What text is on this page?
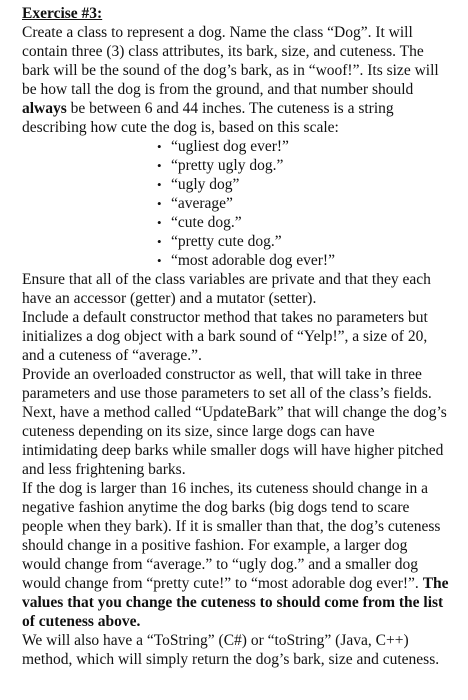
Exercise #3:

Create a class to represent a dog. Name the class “Dog”. It will contain three (3) class attributes, its bark, size, and cuteness. The bark will be the sound of the dog’s bark, as in “woof!”. Its size will be how tall the dog is from the ground, and that number should always be between 6 and 44 inches. The cuteness is a string describing how cute the dog is, based on this scale:

• “ugliest dog ever!”
• “pretty ugly dog.”
• “ugly dog”
• “average”
• “cute dog.”
• “pretty cute dog.”
• “most adorable dog ever!”

Ensure that all of the class variables are private and that they each have an accessor (getter) and a mutator (setter).

Include a default constructor method that takes no parameters but initializes a dog object with a bark sound of “Yelp!”, a size of 20, and a cuteness of “average.”.

Provide an overloaded constructor as well, that will take in three parameters and use those parameters to set all of the class’s fields.

Next, have a method called “UpdateBark” that will change the dog’s cuteness depending on its size, since large dogs can have intimidating deep barks while smaller dogs will have higher pitched and less frightening barks.

If the dog is larger than 16 inches, its cuteness should change in a negative fashion anytime the dog barks (big dogs tend to scare people when they bark). If it is smaller than that, the dog’s cuteness should change in a positive fashion. For example, a larger dog would change from “average.” to “ugly dog.” and a smaller dog would change from “pretty cute!” to “most adorable dog ever!”. The values that you change the cuteness to should come from the list of cuteness above.

We will also have a “ToString” (C#) or “toString” (Java, C++) method, which will simply return the dog’s bark, size and cuteness.
